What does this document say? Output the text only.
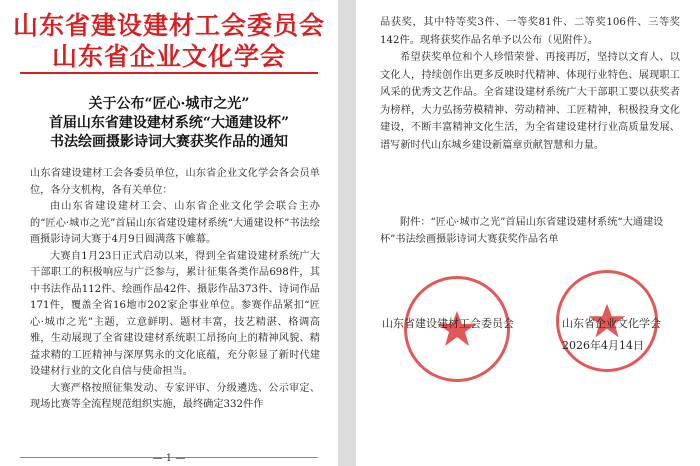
山东省建设建材工会委员会
山东省企业文化学会
关于公布“匠心·城市之光”
首届山东省建设建材系统“大通建设杯”
书法绘画摄影诗词大赛获奖作品的通知

山东省建设建材工会各委员单位，山东省企业文化学会各会员单位，各分支机构，各有关单位：

由山东省建设建材工会、山东省企业文化学会联合主办的“匠心·城市之光”首届山东省建设建材系统“大通建设杯”书法绘画摄影诗词大赛于4月9日圆满落下帷幕。

大赛自1月23日正式启动以来，得到全省建设建材系统广大干部职工的积极响应与广泛参与，累计征集各类作品698件，其中书法作品112件、绘画作品42件、摄影作品373件、诗词作品171件，覆盖全省16地市202家企事业单位。参赛作品紧扣“匠心·城市之光”主题，立意鲜明、题材丰富，技艺精湛、格调高雅，生动展现了全省建设建材系统职工昂扬向上的精神风貌、精益求精的工匠精神与深厚隽永的文化底蕴，充分彰显了新时代建设建材行业的文化自信与使命担当。

大赛严格按照征集发动、专家评审、分级遴选、公示审定、现场比赛等全流程规范组织实施，最终确定332件作

— 1 —

品获奖，其中特等奖3件、一等奖81件、二等奖106件、三等奖142件。现将获奖作品名单予以公布（见附件）。

希望获奖单位和个人珍惜荣誉、再接再厉，坚持以文育人、以文化人，持续创作出更多反映时代精神、体现行业特色、展现职工风采的优秀文艺作品。全省建设建材系统广大干部职工要以获奖者为榜样，大力弘扬劳模精神、劳动精神、工匠精神，积极投身文化建设，不断丰富精神文化生活，为全省建设建材行业高质量发展、谱写新时代山东城乡建设新篇章贡献智慧和力量。

附件：“匠心·城市之光”首届山东省建设建材系统“大通建设杯”书法绘画摄影诗词大赛获奖作品名单

山东省建设建材工会委员会	山东省企业文化学会
2026年4月14日
